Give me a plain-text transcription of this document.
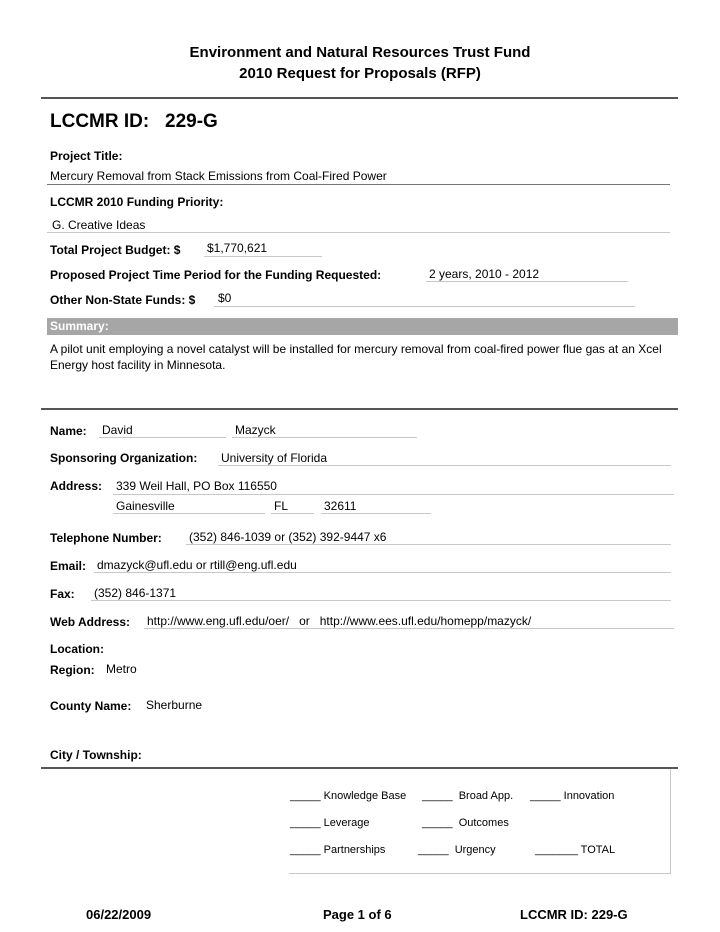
Environment and Natural Resources Trust Fund
2010 Request for Proposals (RFP)
LCCMR ID: 229-G
Project Title:
Mercury Removal from Stack Emissions from Coal-Fired Power
LCCMR 2010 Funding Priority:
G. Creative Ideas
Total Project Budget: $ $1,770,621
Proposed Project Time Period for the Funding Requested:	2 years, 2010 - 2012
Other Non-State Funds: $ $0
Summary:
A pilot unit employing a novel catalyst will be installed for mercury removal from coal-fired power flue gas at an Xcel Energy host facility in Minnesota.
Name: David	Mazyck
Sponsoring Organization: University of Florida
Address: 339 Weil Hall, PO Box 116550
Gainesville	FL	32611
Telephone Number: (352) 846-1039 or (352) 392-9447 x6
Email: dmazyck@ufl.edu or rtill@eng.ufl.edu
Fax: (352) 846-1371
Web Address: http://www.eng.ufl.edu/oer/   or   http://www.ees.ufl.edu/homepp/mazyck/
Location:
Region: Metro
County Name: Sherburne
City / Township:
_____ Knowledge Base _____  Broad App. _____ Innovation
_____ Leverage	_____  Outcomes
_____ Partnerships	_____  Urgency	_______ TOTAL
06/22/2009	Page 1 of 6	LCCMR ID: 229-G
